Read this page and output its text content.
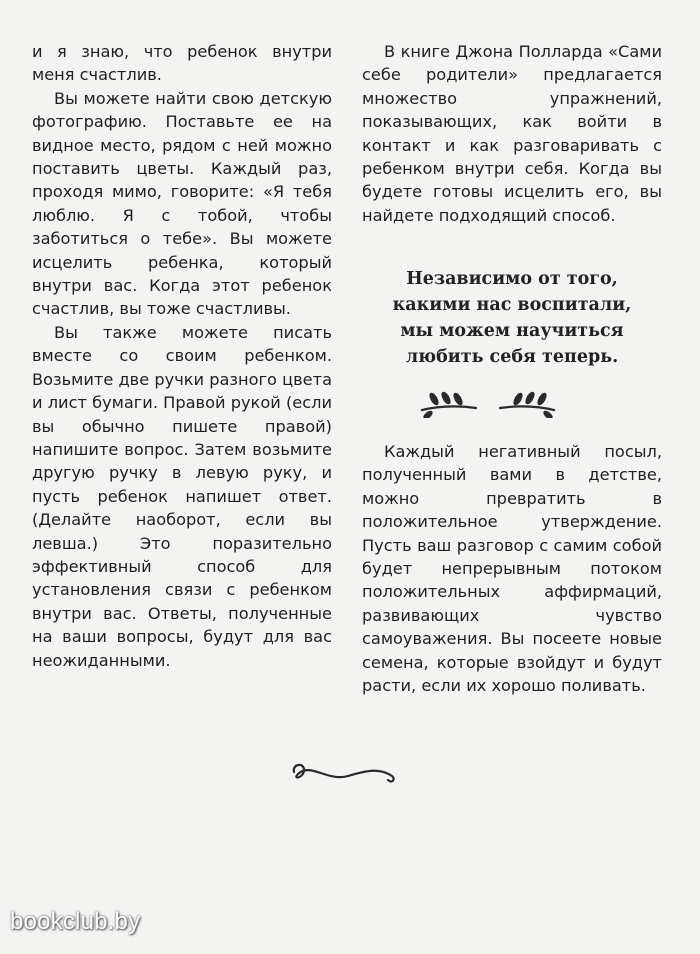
и я знаю, что ребенок внутри меня счастлив.

Вы можете найти свою детскую фотографию. Поставьте ее на видное место, рядом с ней можно поставить цветы. Каждый раз, проходя мимо, говорите: «Я тебя люблю. Я с тобой, чтобы заботиться о тебе». Вы можете исцелить ребенка, который внутри вас. Когда этот ребенок счастлив, вы тоже счастливы.

Вы также можете писать вместе со своим ребенком. Возьмите две ручки разного цвета и лист бумаги. Правой рукой (если вы обычно пишете правой) напишите вопрос. Затем возьмите другую ручку в левую руку, и пусть ребенок напишет ответ. (Делайте наоборот, если вы левша.) Это поразительно эффективный способ для установления связи с ребенком внутри вас. Ответы, полученные на ваши вопросы, будут для вас неожиданными.

В книге Джона Полларда «Сами себе родители» предлагается множество упражнений, показывающих, как войти в контакт и как разговаривать с ребенком внутри себя. Когда вы будете готовы исцелить его, вы найдете подходящий способ.

Независимо от того,
какими нас воспитали,
мы можем научиться
любить себя теперь.

Каждый негативный посыл, полученный вами в детстве, можно превратить в положительное утверждение. Пусть ваш разговор с самим собой будет непрерывным потоком положительных аффирмаций, развивающих чувство самоуважения. Вы посеете новые семена, которые взойдут и будут расти, если их хорошо поливать.

bookclub.by
